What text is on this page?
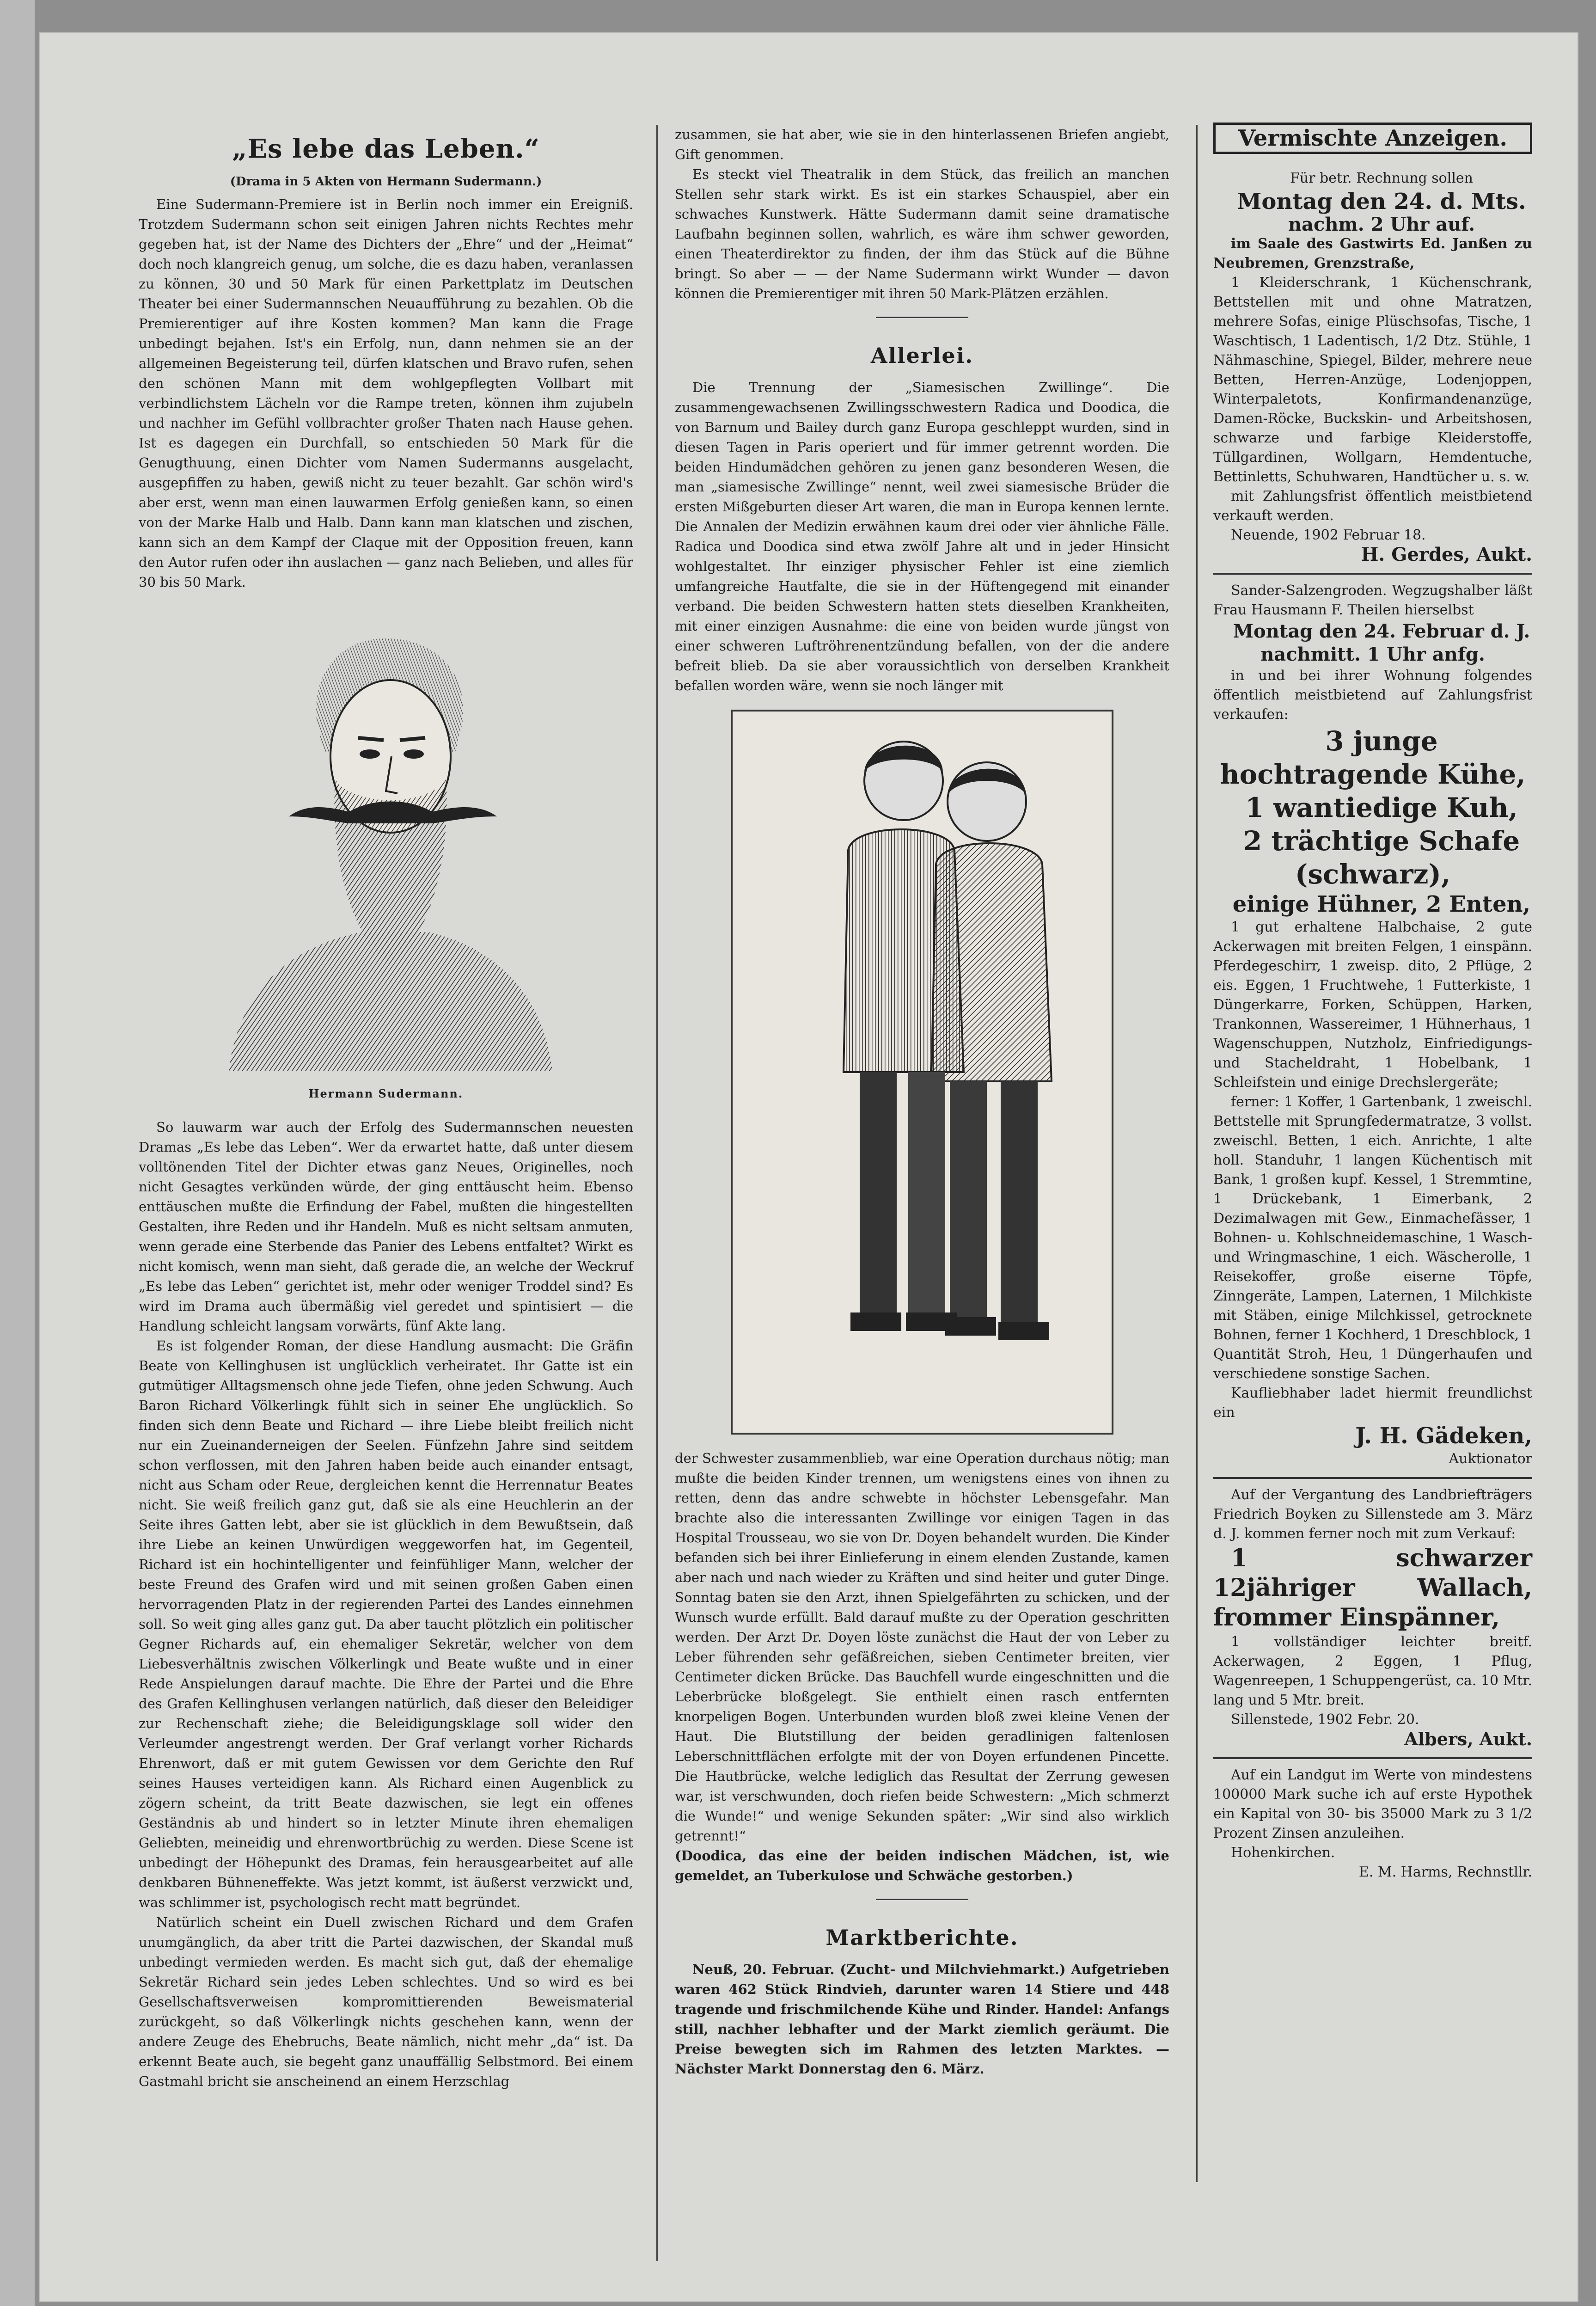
„Es lebe das Leben.“
(Drama in 5 Akten von Hermann Sudermann.)

Eine Sudermann-Premiere ist in Berlin noch immer ein Ereigniß. Trotzdem Sudermann schon seit einigen Jahren nichts Rechtes mehr gegeben hat, ist der Name des Dichters der „Ehre“ und der „Heimat“ doch noch klangreich genug, um solche, die es dazu haben, veranlassen zu können, 30 und 50 Mark für einen Parkettplatz im Deutschen Theater bei einer Sudermannschen Neuaufführung zu bezahlen. Ob die Premierentiger auf ihre Kosten kommen? Man kann die Frage unbedingt bejahen. Ist's ein Erfolg, nun, dann nehmen sie an der allgemeinen Begeisterung teil, dürfen klatschen und Bravo rufen, sehen den schönen Mann mit dem wohlgepflegten Vollbart mit verbindlichstem Lächeln vor die Rampe treten, können ihm zujubeln und nachher im Gefühl vollbrachter großer Thaten nach Hause gehen. Ist es dagegen ein Durchfall, so entschieden 50 Mark für die Genugthuung, einen Dichter vom Namen Sudermanns ausgelacht, ausgepfiffen zu haben, gewiß nicht zu teuer bezahlt. Gar schön wird's aber erst, wenn man einen lauwarmen Erfolg genießen kann, so einen von der Marke Halb und Halb. Dann kann man klatschen und zischen, kann sich an dem Kampf der Claque mit der Opposition freuen, kann den Autor rufen oder ihn auslachen — ganz nach Belieben, und alles für 30 bis 50 Mark.

Hermann Sudermann.

So lauwarm war auch der Erfolg des Sudermannschen neuesten Dramas „Es lebe das Leben“. Wer da erwartet hatte, daß unter diesem volltönenden Titel der Dichter etwas ganz Neues, Originelles, noch nicht Gesagtes verkünden würde, der ging enttäuscht heim. Ebenso enttäuschen mußte die Erfindung der Fabel, mußten die hingestellten Gestalten, ihre Reden und ihr Handeln. Muß es nicht seltsam anmuten, wenn gerade eine Sterbende das Panier des Lebens entfaltet? Wirkt es nicht komisch, wenn man sieht, daß gerade die, an welche der Weckruf „Es lebe das Leben“ gerichtet ist, mehr oder weniger Troddel sind? Es wird im Drama auch übermäßig viel geredet und spintisiert — die Handlung schleicht langsam vorwärts, fünf Akte lang.

Es ist folgender Roman, der diese Handlung ausmacht: Die Gräfin Beate von Kellinghusen ist unglücklich verheiratet. Ihr Gatte ist ein gutmütiger Alltagsmensch ohne jede Tiefen, ohne jeden Schwung. Auch Baron Richard Völkerlingk fühlt sich in seiner Ehe unglücklich. So finden sich denn Beate und Richard — ihre Liebe bleibt freilich nicht nur ein Zueinanderneigen der Seelen. Fünfzehn Jahre sind seitdem schon verflossen, mit den Jahren haben beide auch einander entsagt, nicht aus Scham oder Reue, dergleichen kennt die Herrennatur Beates nicht. Sie weiß freilich ganz gut, daß sie als eine Heuchlerin an der Seite ihres Gatten lebt, aber sie ist glücklich in dem Bewußtsein, daß ihre Liebe an keinen Unwürdigen weggeworfen hat, im Gegenteil, Richard ist ein hochintelligenter und feinfühliger Mann, welcher der beste Freund des Grafen wird und mit seinen großen Gaben einen hervorragenden Platz in der regierenden Partei des Landes einnehmen soll. So weit ging alles ganz gut. Da aber taucht plötzlich ein politischer Gegner Richards auf, ein ehemaliger Sekretär, welcher von dem Liebesverhältnis zwischen Völkerlingk und Beate wußte und in einer Rede Anspielungen darauf machte. Die Ehre der Partei und die Ehre des Grafen Kellinghusen verlangen natürlich, daß dieser den Beleidiger zur Rechenschaft ziehe; die Beleidigungsklage soll wider den Verleumder angestrengt werden. Der Graf verlangt vorher Richards Ehrenwort, daß er mit gutem Gewissen vor dem Gerichte den Ruf seines Hauses verteidigen kann. Als Richard einen Augenblick zu zögern scheint, da tritt Beate dazwischen, sie legt ein offenes Geständnis ab und hindert so in letzter Minute ihren ehemaligen Geliebten, meineidig und ehrenwortbrüchig zu werden. Diese Scene ist unbedingt der Höhepunkt des Dramas, fein herausgearbeitet auf alle denkbaren Bühneneffekte. Was jetzt kommt, ist äußerst verzwickt und, was schlimmer ist, psychologisch recht matt begründet.

Natürlich scheint ein Duell zwischen Richard und dem Grafen unumgänglich, da aber tritt die Partei dazwischen, der Skandal muß unbedingt vermieden werden. Es macht sich gut, daß der ehemalige Sekretär Richard sein jedes Leben schlechtes. Und so wird es bei Gesellschaftsverweisen kompromittierenden Beweismaterial zurückgeht, so daß Völkerlingk nichts geschehen kann, wenn der andere Zeuge des Ehebruchs, Beate nämlich, nicht mehr „da“ ist. Da erkennt Beate auch, sie begeht ganz unauffällig Selbstmord. Bei einem Gastmahl bricht sie anscheinend an einem Herzschlag

zusammen, sie hat aber, wie sie in den hinterlassenen Briefen angiebt, Gift genommen.

Es steckt viel Theatralik in dem Stück, das freilich an manchen Stellen sehr stark wirkt. Es ist ein starkes Schauspiel, aber ein schwaches Kunstwerk. Hätte Sudermann damit seine dramatische Laufbahn beginnen sollen, wahrlich, es wäre ihm schwer geworden, einen Theaterdirektor zu finden, der ihm das Stück auf die Bühne bringt. So aber — — der Name Sudermann wirkt Wunder — davon können die Premierentiger mit ihren 50 Mark-Plätzen erzählen.

Allerlei.

Die Trennung der „Siamesischen Zwillinge“. Die zusammengewachsenen Zwillingsschwestern Radica und Doodica, die von Barnum und Bailey durch ganz Europa geschleppt wurden, sind in diesen Tagen in Paris operiert und für immer getrennt worden. Die beiden Hindumädchen gehören zu jenen ganz besonderen Wesen, die man „siamesische Zwillinge“ nennt, weil zwei siamesische Brüder die ersten Mißgeburten dieser Art waren, die man in Europa kennen lernte. Die Annalen der Medizin erwähnen kaum drei oder vier ähnliche Fälle. Radica und Doodica sind etwa zwölf Jahre alt und in jeder Hinsicht wohlgestaltet. Ihr einziger physischer Fehler ist eine ziemlich umfangreiche Hautfalte, die sie in der Hüftengegend mit einander verband. Die beiden Schwestern hatten stets dieselben Krankheiten, mit einer einzigen Ausnahme: die eine von beiden wurde jüngst von einer schweren Luftröhrenentzündung befallen, von der die andere befreit blieb. Da sie aber voraussichtlich von derselben Krankheit befallen worden wäre, wenn sie noch länger mit

der Schwester zusammenblieb, war eine Operation durchaus nötig; man mußte die beiden Kinder trennen, um wenigstens eines von ihnen zu retten, denn das andre schwebte in höchster Lebensgefahr. Man brachte also die interessanten Zwillinge vor einigen Tagen in das Hospital Trousseau, wo sie von Dr. Doyen behandelt wurden. Die Kinder befanden sich bei ihrer Einlieferung in einem elenden Zustande, kamen aber nach und nach wieder zu Kräften und sind heiter und guter Dinge. Sonntag baten sie den Arzt, ihnen Spielgefährten zu schicken, und der Wunsch wurde erfüllt. Bald darauf mußte zu der Operation geschritten werden. Der Arzt Dr. Doyen löste zunächst die Haut der von Leber zu Leber führenden sehr gefäßreichen, sieben Centimeter breiten, vier Centimeter dicken Brücke. Das Bauchfell wurde eingeschnitten und die Leberbrücke bloßgelegt. Sie enthielt einen rasch entfernten knorpeligen Bogen. Unterbunden wurden bloß zwei kleine Venen der Haut. Die Blutstillung der beiden geradlinigen faltenlosen Leberschnittflächen erfolgte mit der von Doyen erfundenen Pincette. Die Hautbrücke, welche lediglich das Resultat der Zerrung gewesen war, ist verschwunden, doch riefen beide Schwestern: „Mich schmerzt die Wunde!“ und wenige Sekunden später: „Wir sind also wirklich getrennt!“

(Doodica, das eine der beiden indischen Mädchen, ist, wie gemeldet, an Tuberkulose und Schwäche gestorben.)

Marktberichte.

Neuß, 20. Februar. (Zucht- und Milchviehmarkt.) Aufgetrieben waren 462 Stück Rindvieh, darunter waren 14 Stiere und 448 tragende und frischmilchende Kühe und Rinder. Handel: Anfangs still, nachher lebhafter und der Markt ziemlich geräumt. Die Preise bewegten sich im Rahmen des letzten Marktes. — Nächster Markt Donnerstag den 6. März.

Vermischte Anzeigen.

Für betr. Rechnung sollen

Montag den 24. d. Mts.

nachm. 2 Uhr auf.

im Saale des Gastwirts Ed. Janßen zu Neubremen, Grenzstraße,

1 Kleiderschrank, 1 Küchenschrank, Bettstellen mit und ohne Matratzen, mehrere Sofas, einige Plüschsofas, Tische, 1 Waschtisch, 1 Ladentisch, 1/2 Dtz. Stühle, 1 Nähmaschine, Spiegel, Bilder, mehrere neue Betten, Herren-Anzüge, Lodenjoppen, Winterpaletots, Konfirmandenanzüge, Damen-Röcke, Buckskin- und Arbeitshosen, schwarze und farbige Kleiderstoffe, Tüllgardinen, Wollgarn, Hemdentuche, Bettinletts, Schuhwaren, Handtücher u. s. w.

mit Zahlungsfrist öffentlich meistbietend verkauft werden.

Neuende, 1902 Februar 18.

H. Gerdes, Aukt.

Sander-Salzengroden. Wegzugshalber läßt Frau Hausmann F. Theilen hierselbst

Montag den 24. Februar d. J. nachmitt. 1 Uhr anfg.

in und bei ihrer Wohnung folgendes öffentlich meistbietend auf Zahlungsfrist verkaufen:

3 junge hochtragende Kühe,

1 wantiedige Kuh,

2 trächtige Schafe (schwarz),

einige Hühner, 2 Enten,

1 gut erhaltene Halbchaise, 2 gute Ackerwagen mit breiten Felgen, 1 einspänn. Pferdegeschirr, 1 zweisp. dito, 2 Pflüge, 2 eis. Eggen, 1 Fruchtwehe, 1 Futterkiste, 1 Düngerkarre, Forken, Schüppen, Harken, Trankonnen, Wassereimer, 1 Hühnerhaus, 1 Wagenschuppen, Nutzholz, Einfriedigungs- und Stacheldraht, 1 Hobelbank, 1 Schleifstein und einige Drechslergeräte;

ferner: 1 Koffer, 1 Gartenbank, 1 zweischl. Bettstelle mit Sprungfedermatratze, 3 vollst. zweischl. Betten, 1 eich. Anrichte, 1 alte holl. Standuhr, 1 langen Küchentisch mit Bank, 1 großen kupf. Kessel, 1 Stremmtine, 1 Drückebank, 1 Eimerbank, 2 Dezimalwagen mit Gew., Einmachefässer, 1 Bohnen- u. Kohlschneidemaschine, 1 Wasch- und Wringmaschine, 1 eich. Wäscherolle, 1 Reisekoffer, große eiserne Töpfe, Zinngeräte, Lampen, Laternen, 1 Milchkiste mit Stäben, einige Milchkissel, getrocknete Bohnen, ferner 1 Kochherd, 1 Dreschblock, 1 Quantität Stroh, Heu, 1 Düngerhaufen und verschiedene sonstige Sachen.

Kaufliebhaber ladet hiermit freundlichst ein

J. H. Gädeken,

Auktionator

Auf der Vergantung des Landbriefträgers Friedrich Boyken zu Sillenstede am 3. März d. J. kommen ferner noch mit zum Verkauf:

1 schwarzer 12jähriger Wallach, frommer Einspänner,

1 vollständiger leichter breitf. Ackerwagen, 2 Eggen, 1 Pflug, Wagenreepen, 1 Schuppengerüst, ca. 10 Mtr. lang und 5 Mtr. breit.

Sillenstede, 1902 Febr. 20.

Albers, Aukt.

Auf ein Landgut im Werte von mindestens 100000 Mark suche ich auf erste Hypothek ein Kapital von 30- bis 35000 Mark zu 3 1/2 Prozent Zinsen anzuleihen.

Hohenkirchen.

E. M. Harms, Rechnstllr.
